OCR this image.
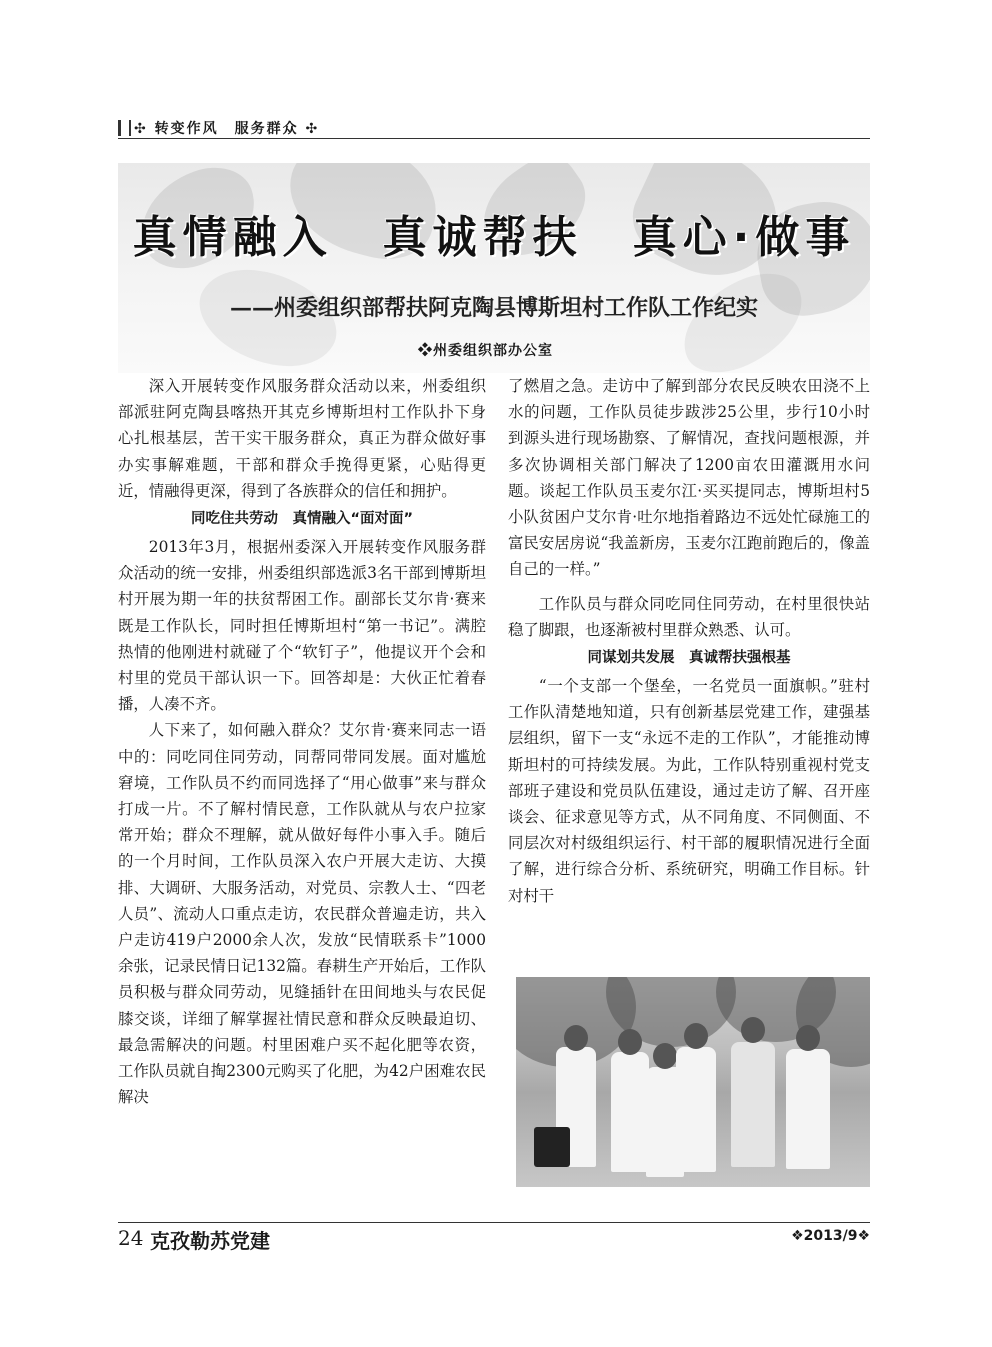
✣ 转变作风　服务群众 ✣
真情融入　真诚帮扶　真心·做事
——州委组织部帮扶阿克陶县博斯坦村工作队工作纪实
❖州委组织部办公室

深入开展转变作风服务群众活动以来，州委组织部派驻阿克陶县喀热开其克乡博斯坦村工作队扑下身心扎根基层，苦干实干服务群众，真正为群众做好事办实事解难题，干部和群众手挽得更紧，心贴得更近，情融得更深，得到了各族群众的信任和拥护。

同吃住共劳动　真情融入“面对面”

2013年3月，根据州委深入开展转变作风服务群众活动的统一安排，州委组织部选派3名干部到博斯坦村开展为期一年的扶贫帮困工作。副部长艾尔肯·赛来既是工作队长，同时担任博斯坦村“第一书记”。满腔热情的他刚进村就碰了个“软钉子”，他提议开个会和村里的党员干部认识一下。回答却是：大伙正忙着春播，人凑不齐。

人下来了，如何融入群众？艾尔肯·赛来同志一语中的：同吃同住同劳动，同帮同带同发展。面对尴尬窘境，工作队员不约而同选择了“用心做事”来与群众打成一片。不了解村情民意，工作队就从与农户拉家常开始；群众不理解，就从做好每件小事入手。随后的一个月时间，工作队员深入农户开展大走访、大摸排、大调研、大服务活动，对党员、宗教人士、“四老人员”、流动人口重点走访，农民群众普遍走访，共入户走访419户2000余人次，发放“民情联系卡”1000余张，记录民情日记132篇。春耕生产开始后，工作队员积极与群众同劳动，见缝插针在田间地头与农民促膝交谈，详细了解掌握社情民意和群众反映最迫切、最急需解决的问题。村里困难户买不起化肥等农资，工作队员就自掏2300元购买了化肥，为42户困难农民解决

了燃眉之急。走访中了解到部分农民反映农田浇不上水的问题，工作队员徒步跋涉25公里，步行10小时到源头进行现场勘察、了解情况，查找问题根源，并多次协调相关部门解决了1200亩农田灌溉用水问题。谈起工作队员玉麦尔江·买买提同志，博斯坦村5小队贫困户艾尔肯·吐尔地指着路边不远处忙碌施工的富民安居房说“我盖新房，玉麦尔江跑前跑后的，像盖自己的一样。”

工作队员与群众同吃同住同劳动，在村里很快站稳了脚跟，也逐渐被村里群众熟悉、认可。

同谋划共发展　真诚帮扶强根基

“一个支部一个堡垒，一名党员一面旗帜。”驻村工作队清楚地知道，只有创新基层党建工作，建强基层组织，留下一支“永远不走的工作队”，才能推动博斯坦村的可持续发展。为此，工作队特别重视村党支部班子建设和党员队伍建设，通过走访了解、召开座谈会、征求意见等方式，从不同角度、不同侧面、不同层次对村级组织运行、村干部的履职情况进行全面了解，进行综合分析、系统研究，明确工作目标。针对村干

24 克孜勒苏党建	❖2013/9❖
